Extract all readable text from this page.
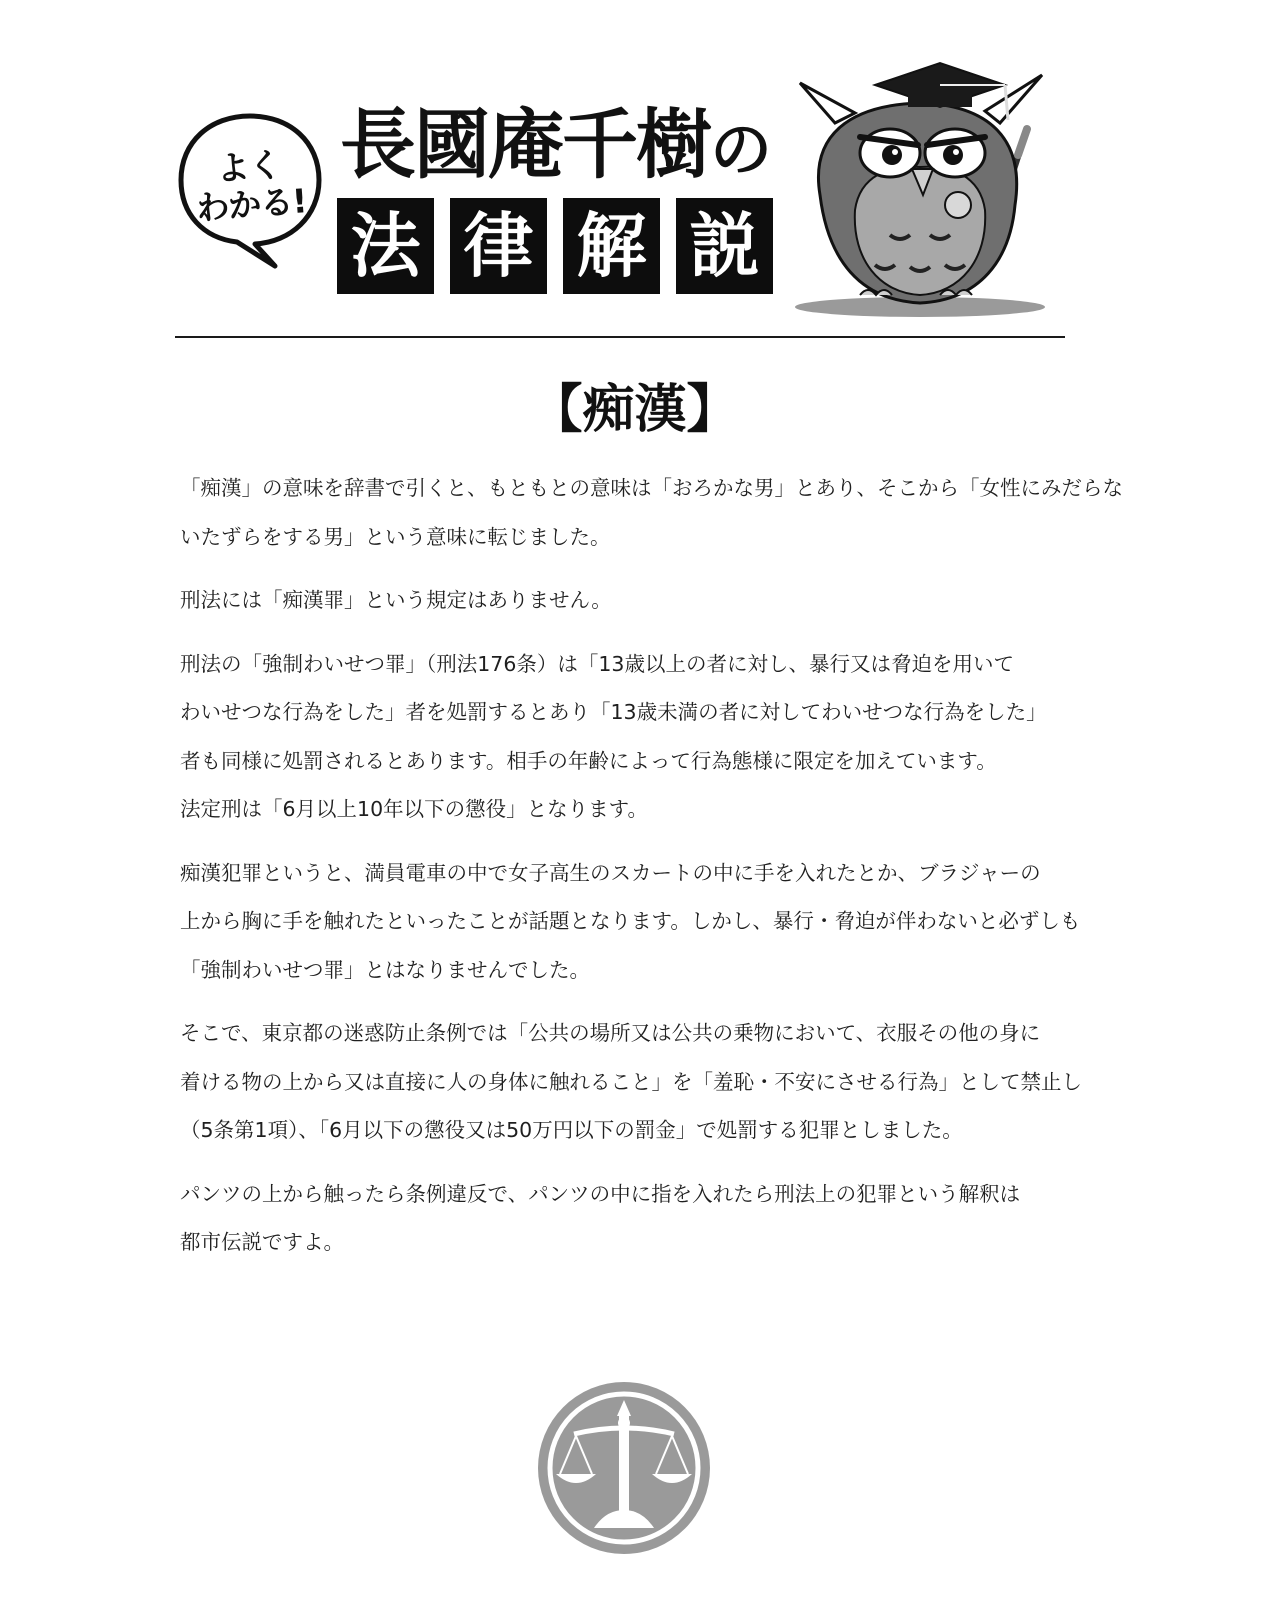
よく
わかる!
長國庵千樹の
法 律 解 説
【痴漢】

「痴漢」の意味を辞書で引くと、もともとの意味は「おろかな男」とあり、そこから「女性にみだらな
いたずらをする男」という意味に転じました。

刑法には「痴漢罪」という規定はありません。

刑法の「強制わいせつ罪」（刑法176条）は「13歳以上の者に対し、暴行又は脅迫を用いて
わいせつな行為をした」者を処罰するとあり「13歳未満の者に対してわいせつな行為をした」
者も同様に処罰されるとあります。相手の年齢によって行為態様に限定を加えています。
法定刑は「6月以上10年以下の懲役」となります。

痴漢犯罪というと、満員電車の中で女子高生のスカートの中に手を入れたとか、ブラジャーの
上から胸に手を触れたといったことが話題となります。しかし、暴行・脅迫が伴わないと必ずしも
「強制わいせつ罪」とはなりませんでした。

そこで、東京都の迷惑防止条例では「公共の場所又は公共の乗物において、衣服その他の身に
着ける物の上から又は直接に人の身体に触れること」を「羞恥・不安にさせる行為」として禁止し
（5条第1項）、「6月以下の懲役又は50万円以下の罰金」で処罰する犯罪としました。

パンツの上から触ったら条例違反で、パンツの中に指を入れたら刑法上の犯罪という解釈は
都市伝説ですよ。
